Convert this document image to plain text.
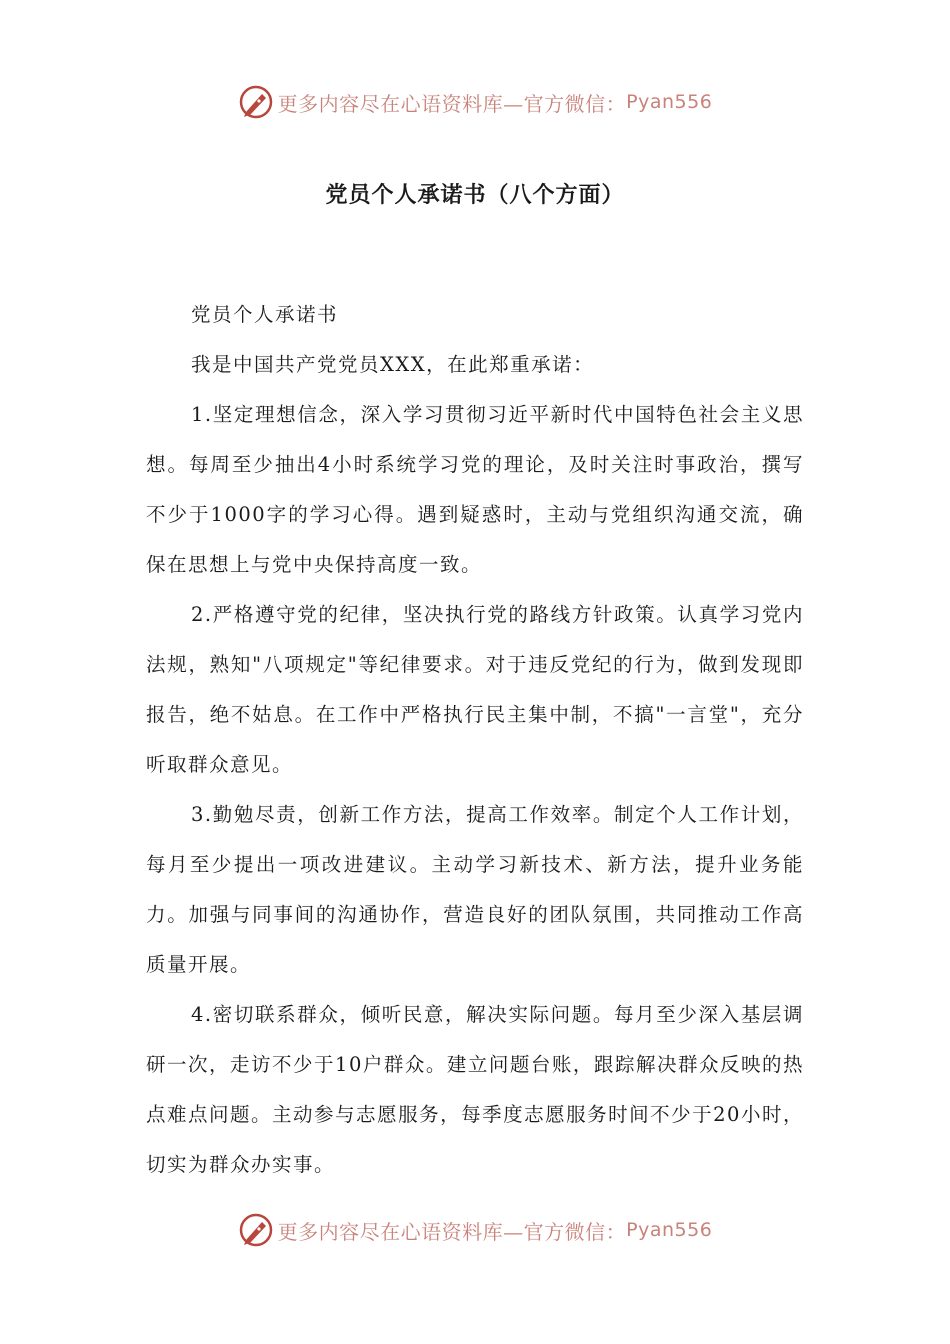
更多内容尽在心语资料库—官方微信： Pyan556
党员个人承诺书（八个方面）

党员个人承诺书

我是中国共产党党员XXX，在此郑重承诺：

1.坚定理想信念，深入学习贯彻习近平新时代中国特色社会主义思想。每周至少抽出4小时系统学习党的理论，及时关注时事政治，撰写不少于1000字的学习心得。遇到疑惑时，主动与党组织沟通交流，确保在思想上与党中央保持高度一致。

2.严格遵守党的纪律，坚决执行党的路线方针政策。认真学习党内法规，熟知"八项规定"等纪律要求。对于违反党纪的行为，做到发现即报告，绝不姑息。在工作中严格执行民主集中制，不搞"一言堂"，充分听取群众意见。

3.勤勉尽责，创新工作方法，提高工作效率。制定个人工作计划，每月至少提出一项改进建议。主动学习新技术、新方法，提升业务能力。加强与同事间的沟通协作，营造良好的团队氛围，共同推动工作高质量开展。

4.密切联系群众，倾听民意，解决实际问题。每月至少深入基层调研一次，走访不少于10户群众。建立问题台账，跟踪解决群众反映的热点难点问题。主动参与志愿服务，每季度志愿服务时间不少于20小时，切实为群众办实事。

更多内容尽在心语资料库—官方微信： Pyan556
